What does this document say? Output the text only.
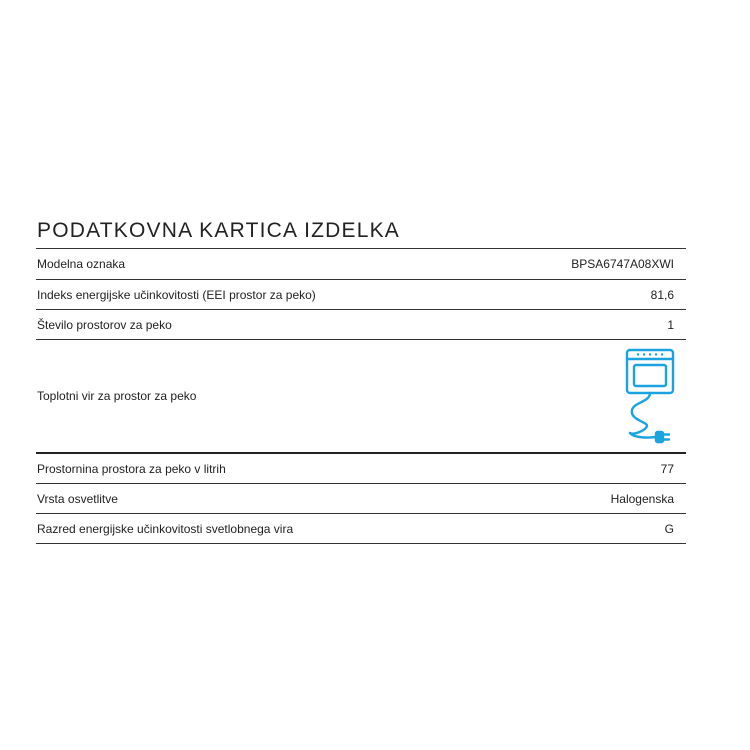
PODATKOVNA KARTICA IZDELKA
Modelna oznaka	BPSA6747A08XWI
Indeks energijske učinkovitosti (EEI prostor za peko)	81,6
Število prostorov za peko	1
Toplotni vir za prostor za peko
Prostornina prostora za peko v litrih	77
Vrsta osvetlitve	Halogenska
Razred energijske učinkovitosti svetlobnega vira	G
